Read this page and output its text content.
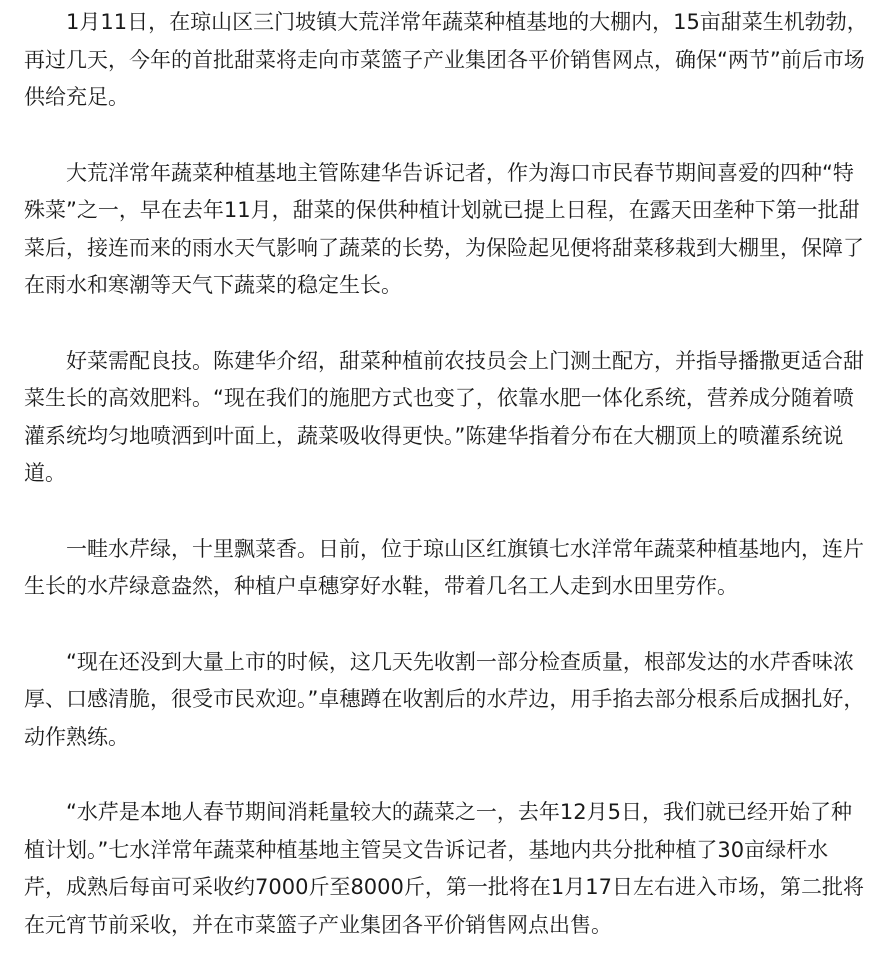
1月11日，在琼山区三门坡镇大荒洋常年蔬菜种植基地的大棚内，15亩甜菜生机勃勃，再过几天，今年的首批甜菜将走向市菜篮子产业集团各平价销售网点，确保“两节”前后市场供给充足。

大荒洋常年蔬菜种植基地主管陈建华告诉记者，作为海口市民春节期间喜爱的四种“特殊菜”之一，早在去年11月，甜菜的保供种植计划就已提上日程，在露天田垄种下第一批甜菜后，接连而来的雨水天气影响了蔬菜的长势，为保险起见便将甜菜移栽到大棚里，保障了在雨水和寒潮等天气下蔬菜的稳定生长。

好菜需配良技。陈建华介绍，甜菜种植前农技员会上门测土配方，并指导播撒更适合甜菜生长的高效肥料。“现在我们的施肥方式也变了，依靠水肥一体化系统，营养成分随着喷灌系统均匀地喷洒到叶面上，蔬菜吸收得更快。”陈建华指着分布在大棚顶上的喷灌系统说道。

一畦水芹绿，十里飘菜香。日前，位于琼山区红旗镇七水洋常年蔬菜种植基地内，连片生长的水芹绿意盎然，种植户卓穗穿好水鞋，带着几名工人走到水田里劳作。

“现在还没到大量上市的时候，这几天先收割一部分检查质量，根部发达的水芹香味浓厚、口感清脆，很受市民欢迎。”卓穗蹲在收割后的水芹边，用手掐去部分根系后成捆扎好，动作熟练。

“水芹是本地人春节期间消耗量较大的蔬菜之一，去年12月5日，我们就已经开始了种植计划。”七水洋常年蔬菜种植基地主管吴文告诉记者，基地内共分批种植了30亩绿杆水芹，成熟后每亩可采收约7000斤至8000斤，第一批将在1月17日左右进入市场，第二批将在元宵节前采收，并在市菜篮子产业集团各平价销售网点出售。
